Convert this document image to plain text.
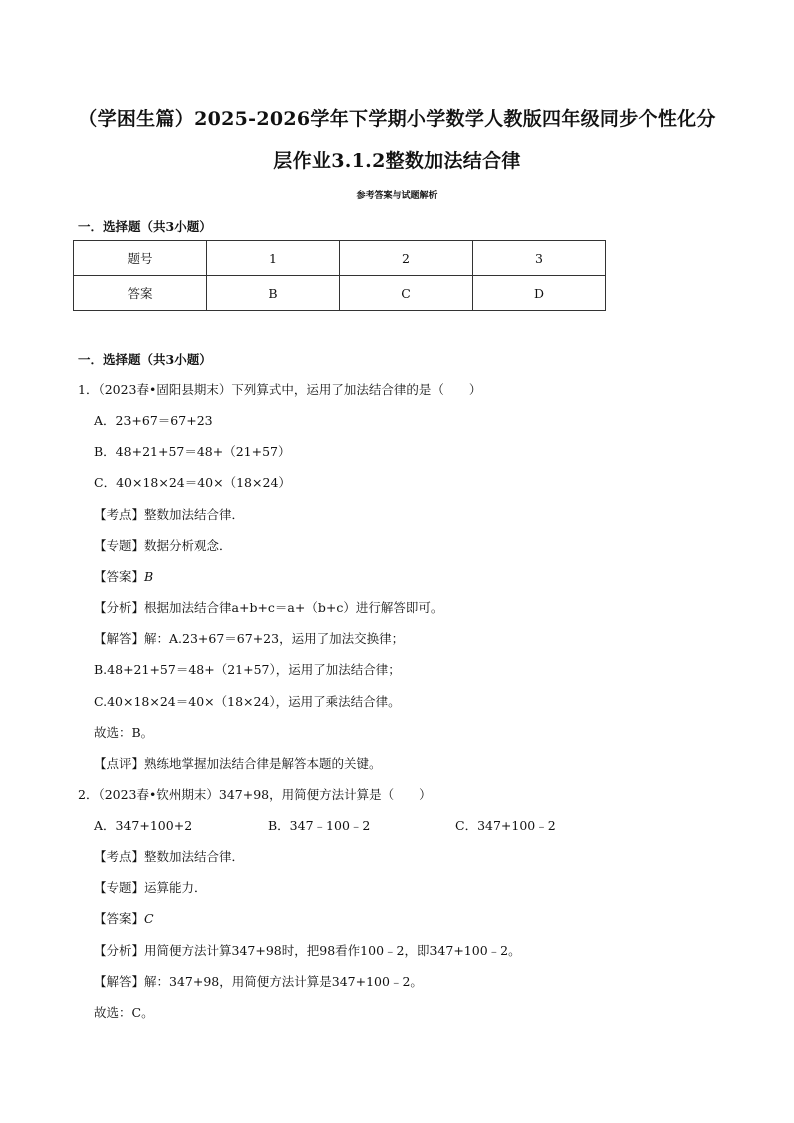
（学困生篇）2025-2026学年下学期小学数学人教版四年级同步个性化分
层作业3.1.2整数加法结合律
参考答案与试题解析
一．选择题（共3小题）
题号	1	2	3
答案	B	C	D
一．选择题（共3小题）
1．（2023春•固阳县期末）下列算式中，运用了加法结合律的是（　　）
A．23+67＝67+23
B．48+21+57＝48+（21+57）
C．40×18×24＝40×（18×24）
【考点】整数加法结合律．
【专题】数据分析观念．
【答案】B
【分析】根据加法结合律a+b+c＝a+（b+c）进行解答即可。
【解答】解：A.23+67＝67+23，运用了加法交换律；
B.48+21+57＝48+（21+57），运用了加法结合律；
C.40×18×24＝40×（18×24），运用了乘法结合律。
故选：B。
【点评】熟练地掌握加法结合律是解答本题的关键。
2．（2023春•钦州期末）347+98，用简便方法计算是（　　）
A．347+100+2	B．347﹣100﹣2	C．347+100﹣2
【考点】整数加法结合律．
【专题】运算能力．
【答案】C
【分析】用简便方法计算347+98时，把98看作100﹣2，即347+100﹣2。
【解答】解：347+98，用简便方法计算是347+100﹣2。
故选：C。
